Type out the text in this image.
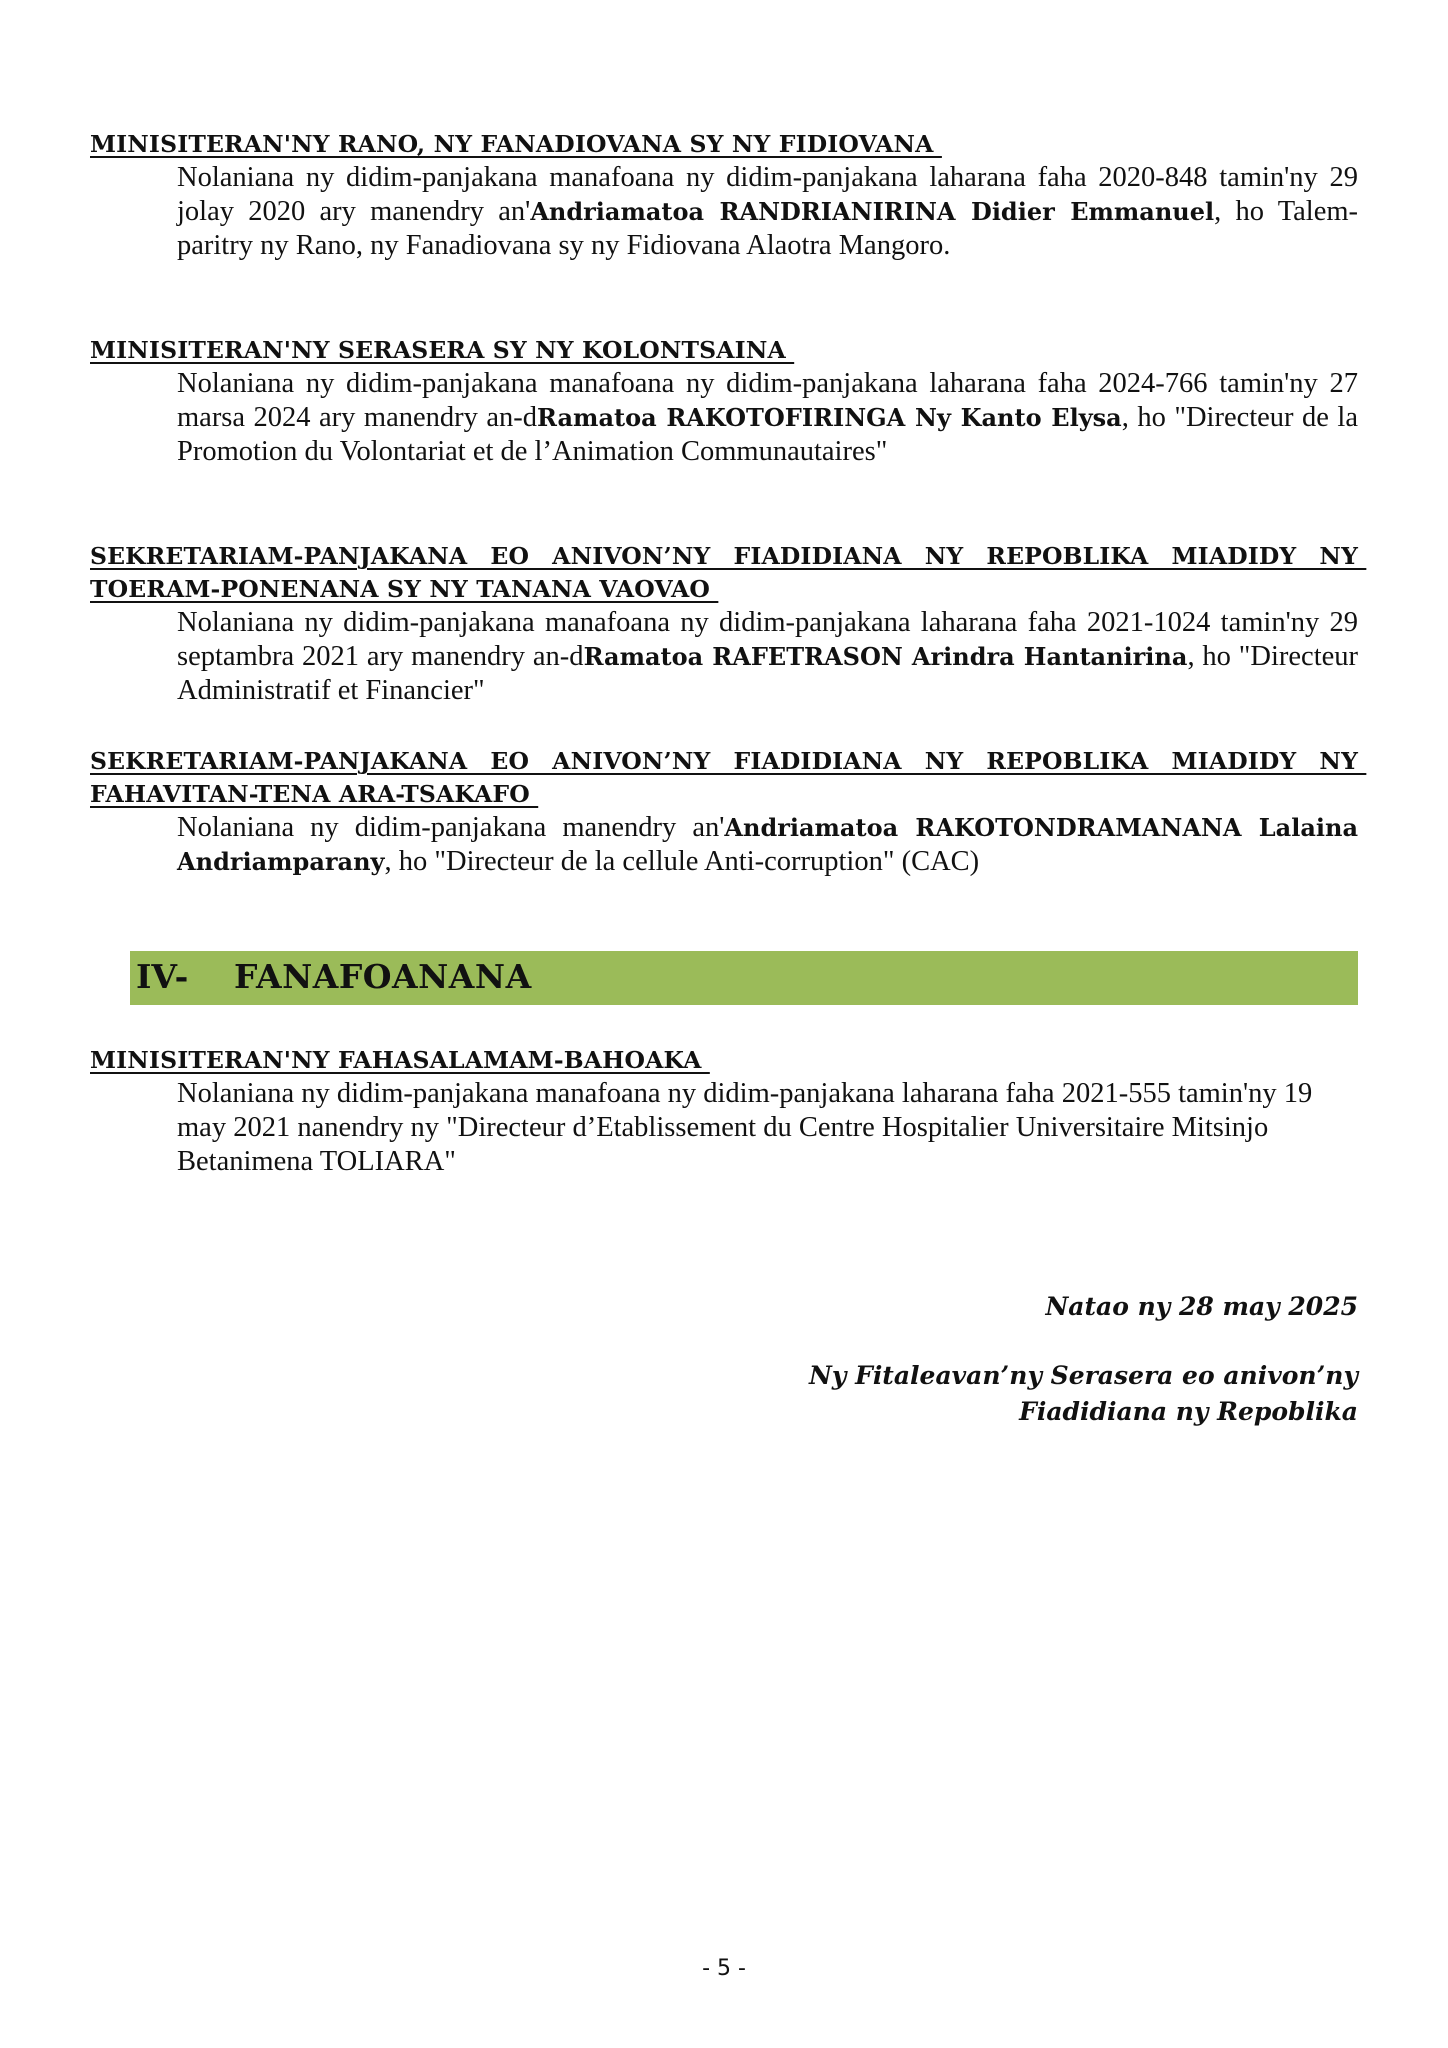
MINISITERAN'NY RANO, NY FANADIOVANA SY NY FIDIOVANA
Nolaniana ny didim-panjakana manafoana ny didim-panjakana laharana faha 2020-848 tamin'ny 29 jolay 2020 ary manendry an'Andriamatoa RANDRIANIRINA Didier Emmanuel, ho Talem-paritry ny Rano, ny Fanadiovana sy ny Fidiovana Alaotra Mangoro.
MINISITERAN'NY SERASERA SY NY KOLONTSAINA
Nolaniana ny didim-panjakana manafoana ny didim-panjakana laharana faha 2024-766 tamin'ny 27 marsa 2024 ary manendry an-dRamatoa RAKOTOFIRINGA Ny Kanto Elysa, ho "Directeur de la Promotion du Volontariat et de l’Animation Communautaires"
SEKRETARIAM-PANJAKANA EO ANIVON’NY FIADIDIANA NY REPOBLIKA MIADIDY NY TOERAM-PONENANA SY NY TANANA VAOVAO
Nolaniana ny didim-panjakana manafoana ny didim-panjakana laharana faha 2021-1024 tamin'ny 29 septambra 2021 ary manendry an-dRamatoa RAFETRASON Arindra Hantanirina, ho "Directeur Administratif et Financier"
SEKRETARIAM-PANJAKANA EO ANIVON’NY FIADIDIANA NY REPOBLIKA MIADIDY NY FAHAVITAN-TENA ARA-TSAKAFO
Nolaniana ny didim-panjakana manendry an'Andriamatoa RAKOTONDRAMANANA Lalaina Andriamparany, ho "Directeur de la cellule Anti-corruption" (CAC)
IV- FANAFOANANA
MINISITERAN'NY FAHASALAMAM-BAHOAKA
Nolaniana ny didim-panjakana manafoana ny didim-panjakana laharana faha 2021-555 tamin'ny 19 may 2021 nanendry ny "Directeur d’Etablissement du Centre Hospitalier Universitaire Mitsinjo Betanimena TOLIARA"
Natao ny 28 may 2025
Ny Fitaleavan’ny Serasera eo anivon’ny
Fiadidiana ny Repoblika
- 5 -
